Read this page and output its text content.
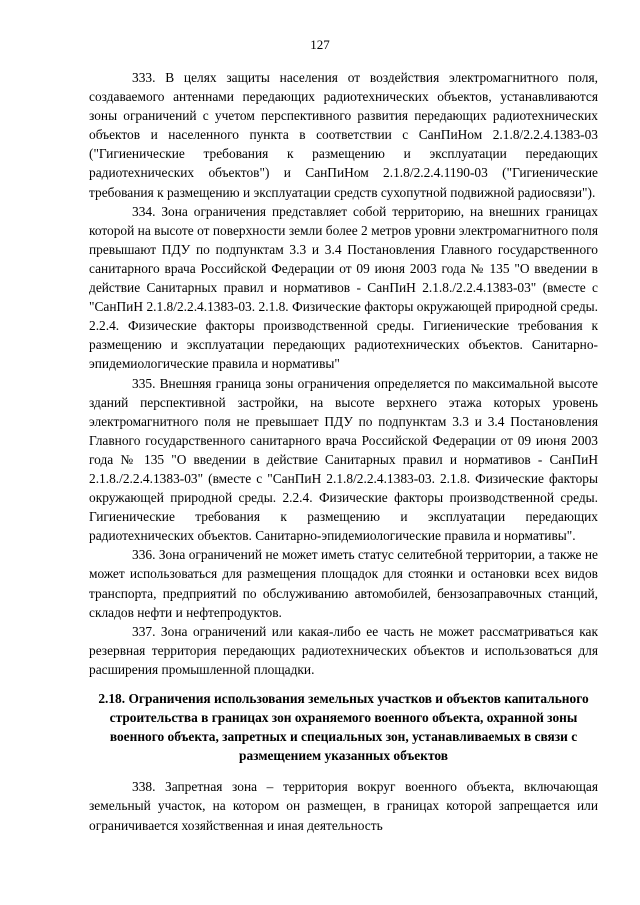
127

333. В целях защиты населения от воздействия электромагнитного поля, создаваемого антеннами передающих радиотехнических объектов, устанавливаются зоны ограничений с учетом перспективного развития передающих радиотехнических объектов и населенного пункта в соответствии с СанПиНом 2.1.8/2.2.4.1383-03 ("Гигиенические требования к размещению и эксплуатации передающих радиотехнических объектов") и СанПиНом 2.1.8/2.2.4.1190-03 ("Гигиенические требования к размещению и эксплуатации средств сухопутной подвижной радиосвязи").

334. Зона ограничения представляет собой территорию, на внешних границах которой на высоте от поверхности земли более 2 метров уровни электромагнитного поля превышают ПДУ по подпунктам 3.3 и 3.4 Постановления Главного государственного санитарного врача Российской Федерации от 09 июня 2003 года № 135 "О введении в действие Санитарных правил и нормативов - СанПиН 2.1.8./2.2.4.1383-03" (вместе с "СанПиН 2.1.8/2.2.4.1383-03. 2.1.8. Физические факторы окружающей природной среды. 2.2.4. Физические факторы производственной среды. Гигиенические требования к размещению и эксплуатации передающих радиотехнических объектов. Санитарно-эпидемиологические правила и нормативы"

335. Внешняя граница зоны ограничения определяется по максимальной высоте зданий перспективной застройки, на высоте верхнего этажа которых уровень электромагнитного поля не превышает ПДУ по подпунктам 3.3 и 3.4 Постановления Главного государственного санитарного врача Российской Федерации от 09 июня 2003 года № 135 "О введении в действие Санитарных правил и нормативов - СанПиН 2.1.8./2.2.4.1383-03" (вместе с "СанПиН 2.1.8/2.2.4.1383-03. 2.1.8. Физические факторы окружающей природной среды. 2.2.4. Физические факторы производственной среды. Гигиенические требования к размещению и эксплуатации передающих радиотехнических объектов. Санитарно-эпидемиологические правила и нормативы".

336. Зона ограничений не может иметь статус селитебной территории, а также не может использоваться для размещения площадок для стоянки и остановки всех видов транспорта, предприятий по обслуживанию автомобилей, бензозаправочных станций, складов нефти и нефтепродуктов.

337. Зона ограничений или какая-либо ее часть не может рассматриваться как резервная территория передающих радиотехнических объектов и использоваться для расширения промышленной площадки.

2.18. Ограничения использования земельных участков и объектов капитального строительства в границах зон охраняемого военного объекта, охранной зоны военного объекта, запретных и специальных зон, устанавливаемых в связи с размещением указанных объектов

338. Запретная зона – территория вокруг военного объекта, включающая земельный участок, на котором он размещен, в границах которой запрещается или ограничивается хозяйственная и иная деятельность
